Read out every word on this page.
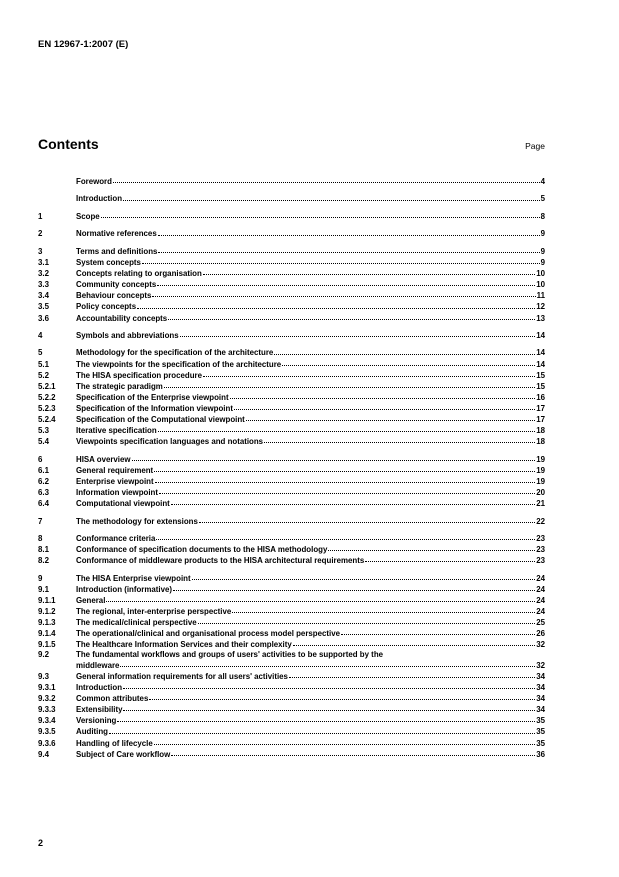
EN 12967-1:2007 (E)
Contents	Page
Foreword	4
Introduction	5
1	Scope	8
2	Normative references	9
3	Terms and definitions	9
3.1	System concepts	9
3.2	Concepts relating to organisation	10
3.3	Community concepts	10
3.4	Behaviour concepts	11
3.5	Policy concepts	12
3.6	Accountability concepts	13
4	Symbols and abbreviations	14
5	Methodology for the specification of the architecture	14
5.1	The viewpoints for the specification of the architecture	14
5.2	The HISA specification procedure	15
5.2.1	The strategic paradigm	15
5.2.2	Specification of the Enterprise viewpoint	16
5.2.3	Specification of the Information viewpoint	17
5.2.4	Specification of the Computational viewpoint	17
5.3	Iterative specification	18
5.4	Viewpoints specification languages and notations	18
6	HISA overview	19
6.1	General requirement	19
6.2	Enterprise viewpoint	19
6.3	Information viewpoint	20
6.4	Computational viewpoint	21
7	The methodology for extensions	22
8	Conformance criteria	23
8.1	Conformance of specification documents to the HISA methodology	23
8.2	Conformance of middleware products to the HISA architectural requirements	23
9	The HISA Enterprise viewpoint	24
9.1	Introduction (informative)	24
9.1.1	General	24
9.1.2	The regional, inter-enterprise perspective	24
9.1.3	The medical/clinical perspective	25
9.1.4	The operational/clinical and organisational process model perspective	26
9.1.5	The Healthcare Information Services and their complexity	32
9.2	The fundamental workflows and groups of users' activities to be supported by the
middleware	32
9.3	General information requirements for all users' activities	34
9.3.1	Introduction	34
9.3.2	Common attributes	34
9.3.3	Extensibility	34
9.3.4	Versioning	35
9.3.5	Auditing	35
9.3.6	Handling of lifecycle	35
9.4	Subject of Care workflow	36
2
